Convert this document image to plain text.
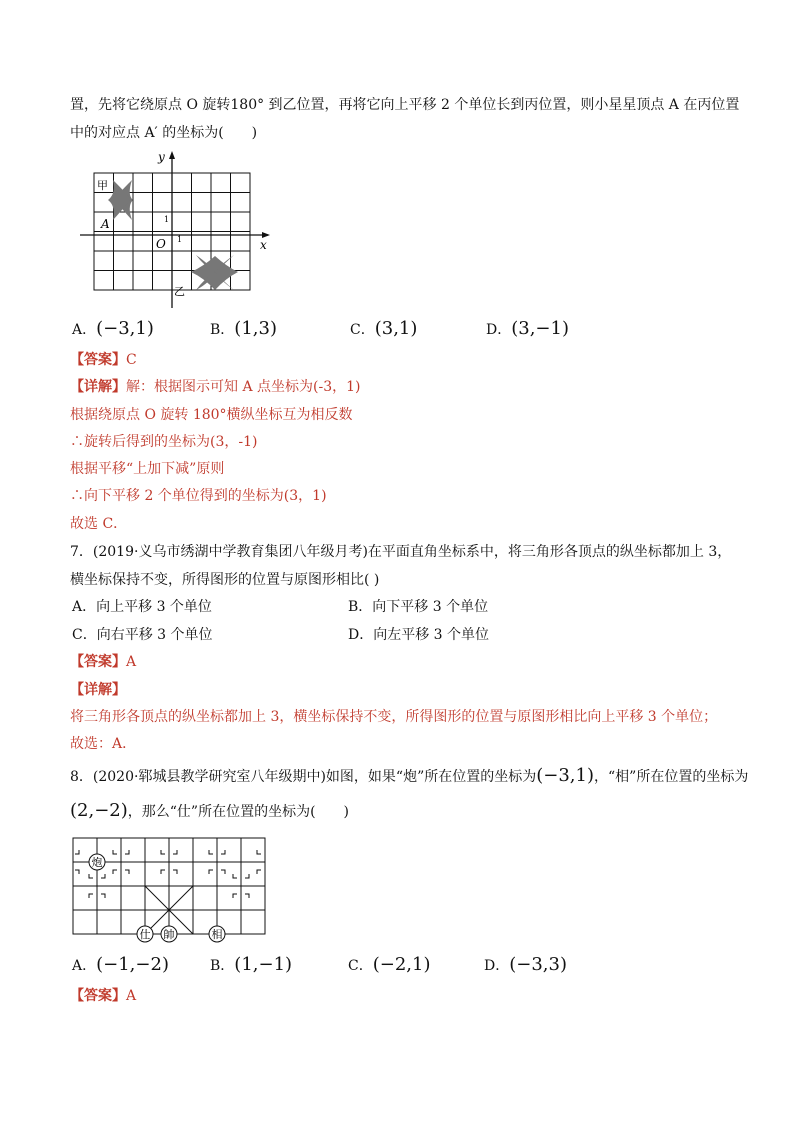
置，先将它绕原点 O 旋转180° 到乙位置，再将它向上平移 2 个单位长到丙位置，则小星星顶点 A 在丙位置
中的对应点 A′ 的坐标为(　　)
甲
乙
A
O	x
y
1
1
A．(−3,1)	B．(1,3)	C．(3,1)	D．(3,−1)
【答案】C
【详解】解：根据图示可知 A 点坐标为(-3，1)
根据绕原点 O 旋转 180°横纵坐标互为相反数
∴旋转后得到的坐标为(3，-1)
根据平移“上加下减”原则
∴向下平移 2 个单位得到的坐标为(3，1)
故选 C．
7．(2019·义乌市绣湖中学教育集团八年级月考)在平面直角坐标系中，将三角形各顶点的纵坐标都加上 3，
横坐标保持不变，所得图形的位置与原图形相比( )
A．向上平移 3 个单位	B．向下平移 3 个单位
C．向右平移 3 个单位	D．向左平移 3 个单位
【答案】A
【详解】
将三角形各顶点的纵坐标都加上 3，横坐标保持不变，所得图形的位置与原图形相比向上平移 3 个单位；
故选：A．
8．(2020·郓城县教学研究室八年级期中)如图，如果“炮”所在位置的坐标为(−3,1)，“相”所在位置的坐标为
(2,−2)，那么“仕”所在位置的坐标为(　　)
炮
仕 帥	相
A．(−1,−2)	B．(1,−1)	C．(−2,1)	D．(−3,3)
【答案】A
